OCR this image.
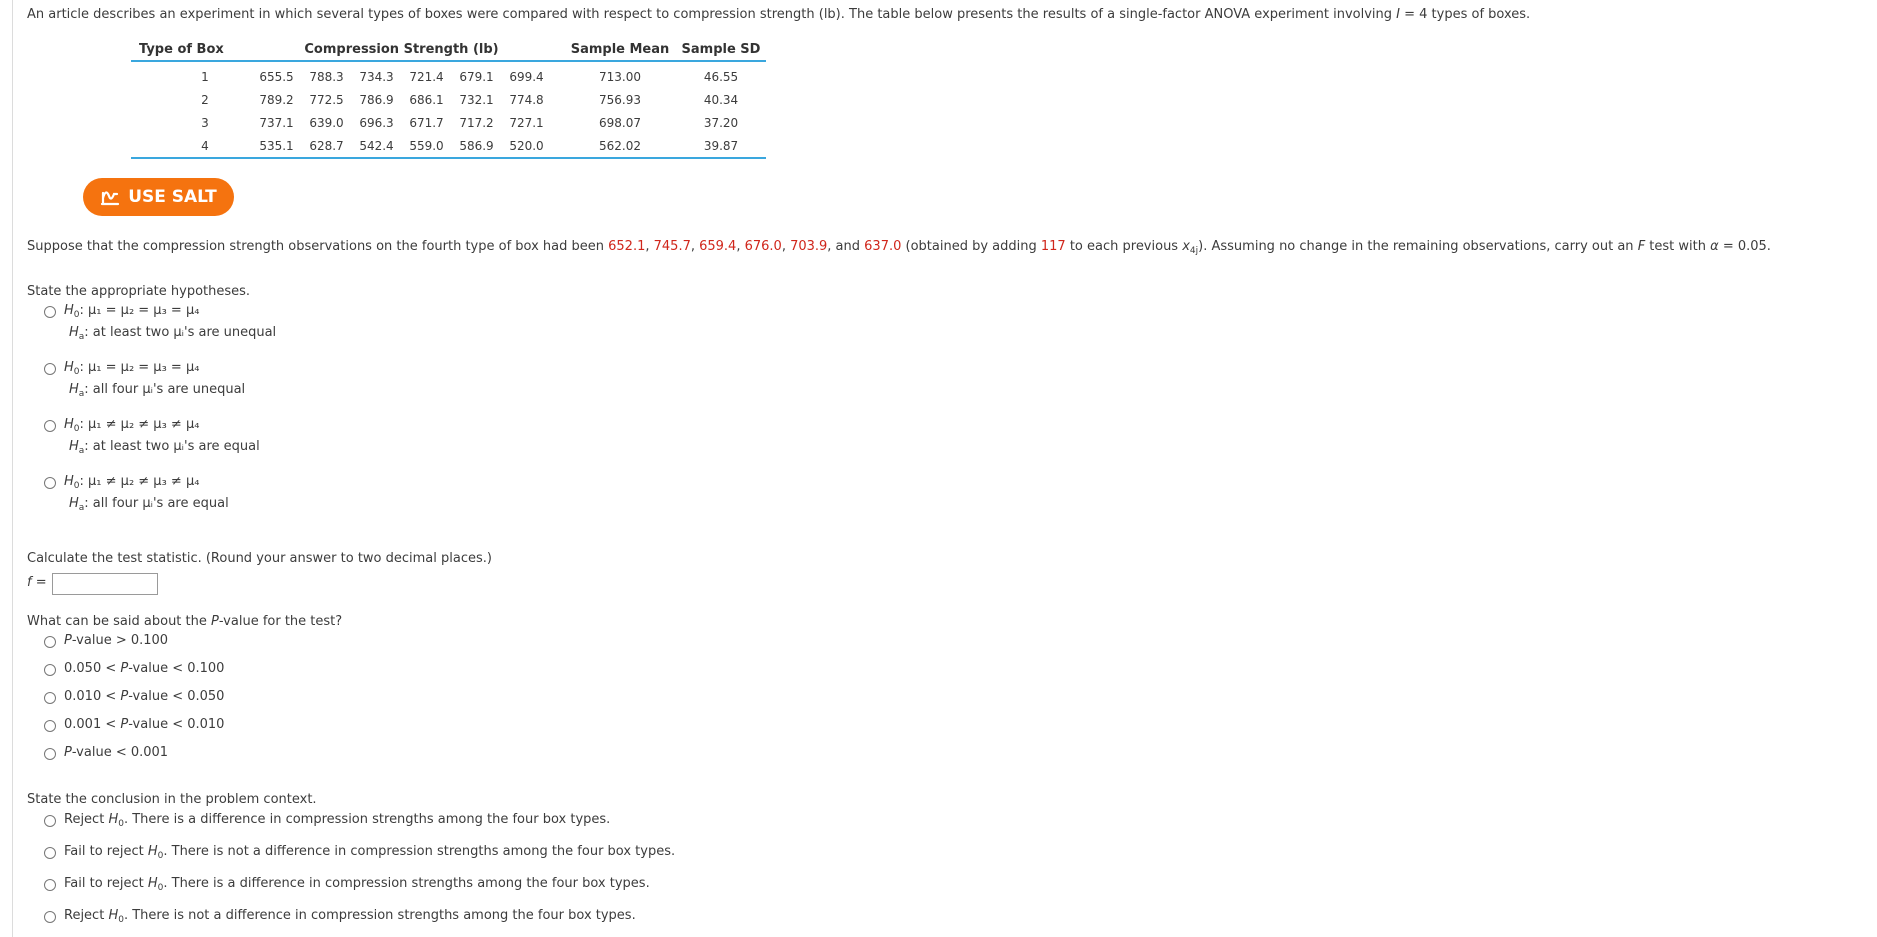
An article describes an experiment in which several types of boxes were compared with respect to compression strength (lb). The table below presents the results of a single-factor ANOVA experiment involving I = 4 types of boxes.
Type of Box	Compression Strength (lb)	Sample Mean	Sample SD
1	655.5 788.3 734.3 721.4 679.1 699.4	713.00	46.55
2	789.2 772.5 786.9 686.1 732.1 774.8	756.93	40.34
3	737.1 639.0 696.3 671.7 717.2 727.1	698.07	37.20
4	535.1 628.7 542.4 559.0 586.9 520.0	562.02	39.87
USE SALT
Suppose that the compression strength observations on the fourth type of box had been 652.1, 745.7, 659.4, 676.0, 703.9, and 637.0 (obtained by adding 117 to each previous $x_{4j}$). Assuming no change in the remaining observations, carry out an F test with α = 0.05.
State the appropriate hypotheses.
$H_0$: μ₁ = μ₂ = μ₃ = μ₄
$H_a$: at least two μᵢ's are unequal
$H_0$: μ₁ = μ₂ = μ₃ = μ₄
$H_a$: all four μᵢ's are unequal
$H_0$: μ₁ ≠ μ₂ ≠ μ₃ ≠ μ₄
$H_a$: at least two μᵢ's are equal
$H_0$: μ₁ ≠ μ₂ ≠ μ₃ ≠ μ₄
$H_a$: all four μᵢ's are equal
Calculate the test statistic. (Round your answer to two decimal places.)
f =
What can be said about the P-value for the test?
P-value > 0.100
0.050 < P-value < 0.100
0.010 < P-value < 0.050
0.001 < P-value < 0.010
P-value < 0.001
State the conclusion in the problem context.
Reject $H_0$. There is a difference in compression strengths among the four box types.
Fail to reject $H_0$. There is not a difference in compression strengths among the four box types.
Fail to reject $H_0$. There is a difference in compression strengths among the four box types.
Reject $H_0$. There is not a difference in compression strengths among the four box types.
